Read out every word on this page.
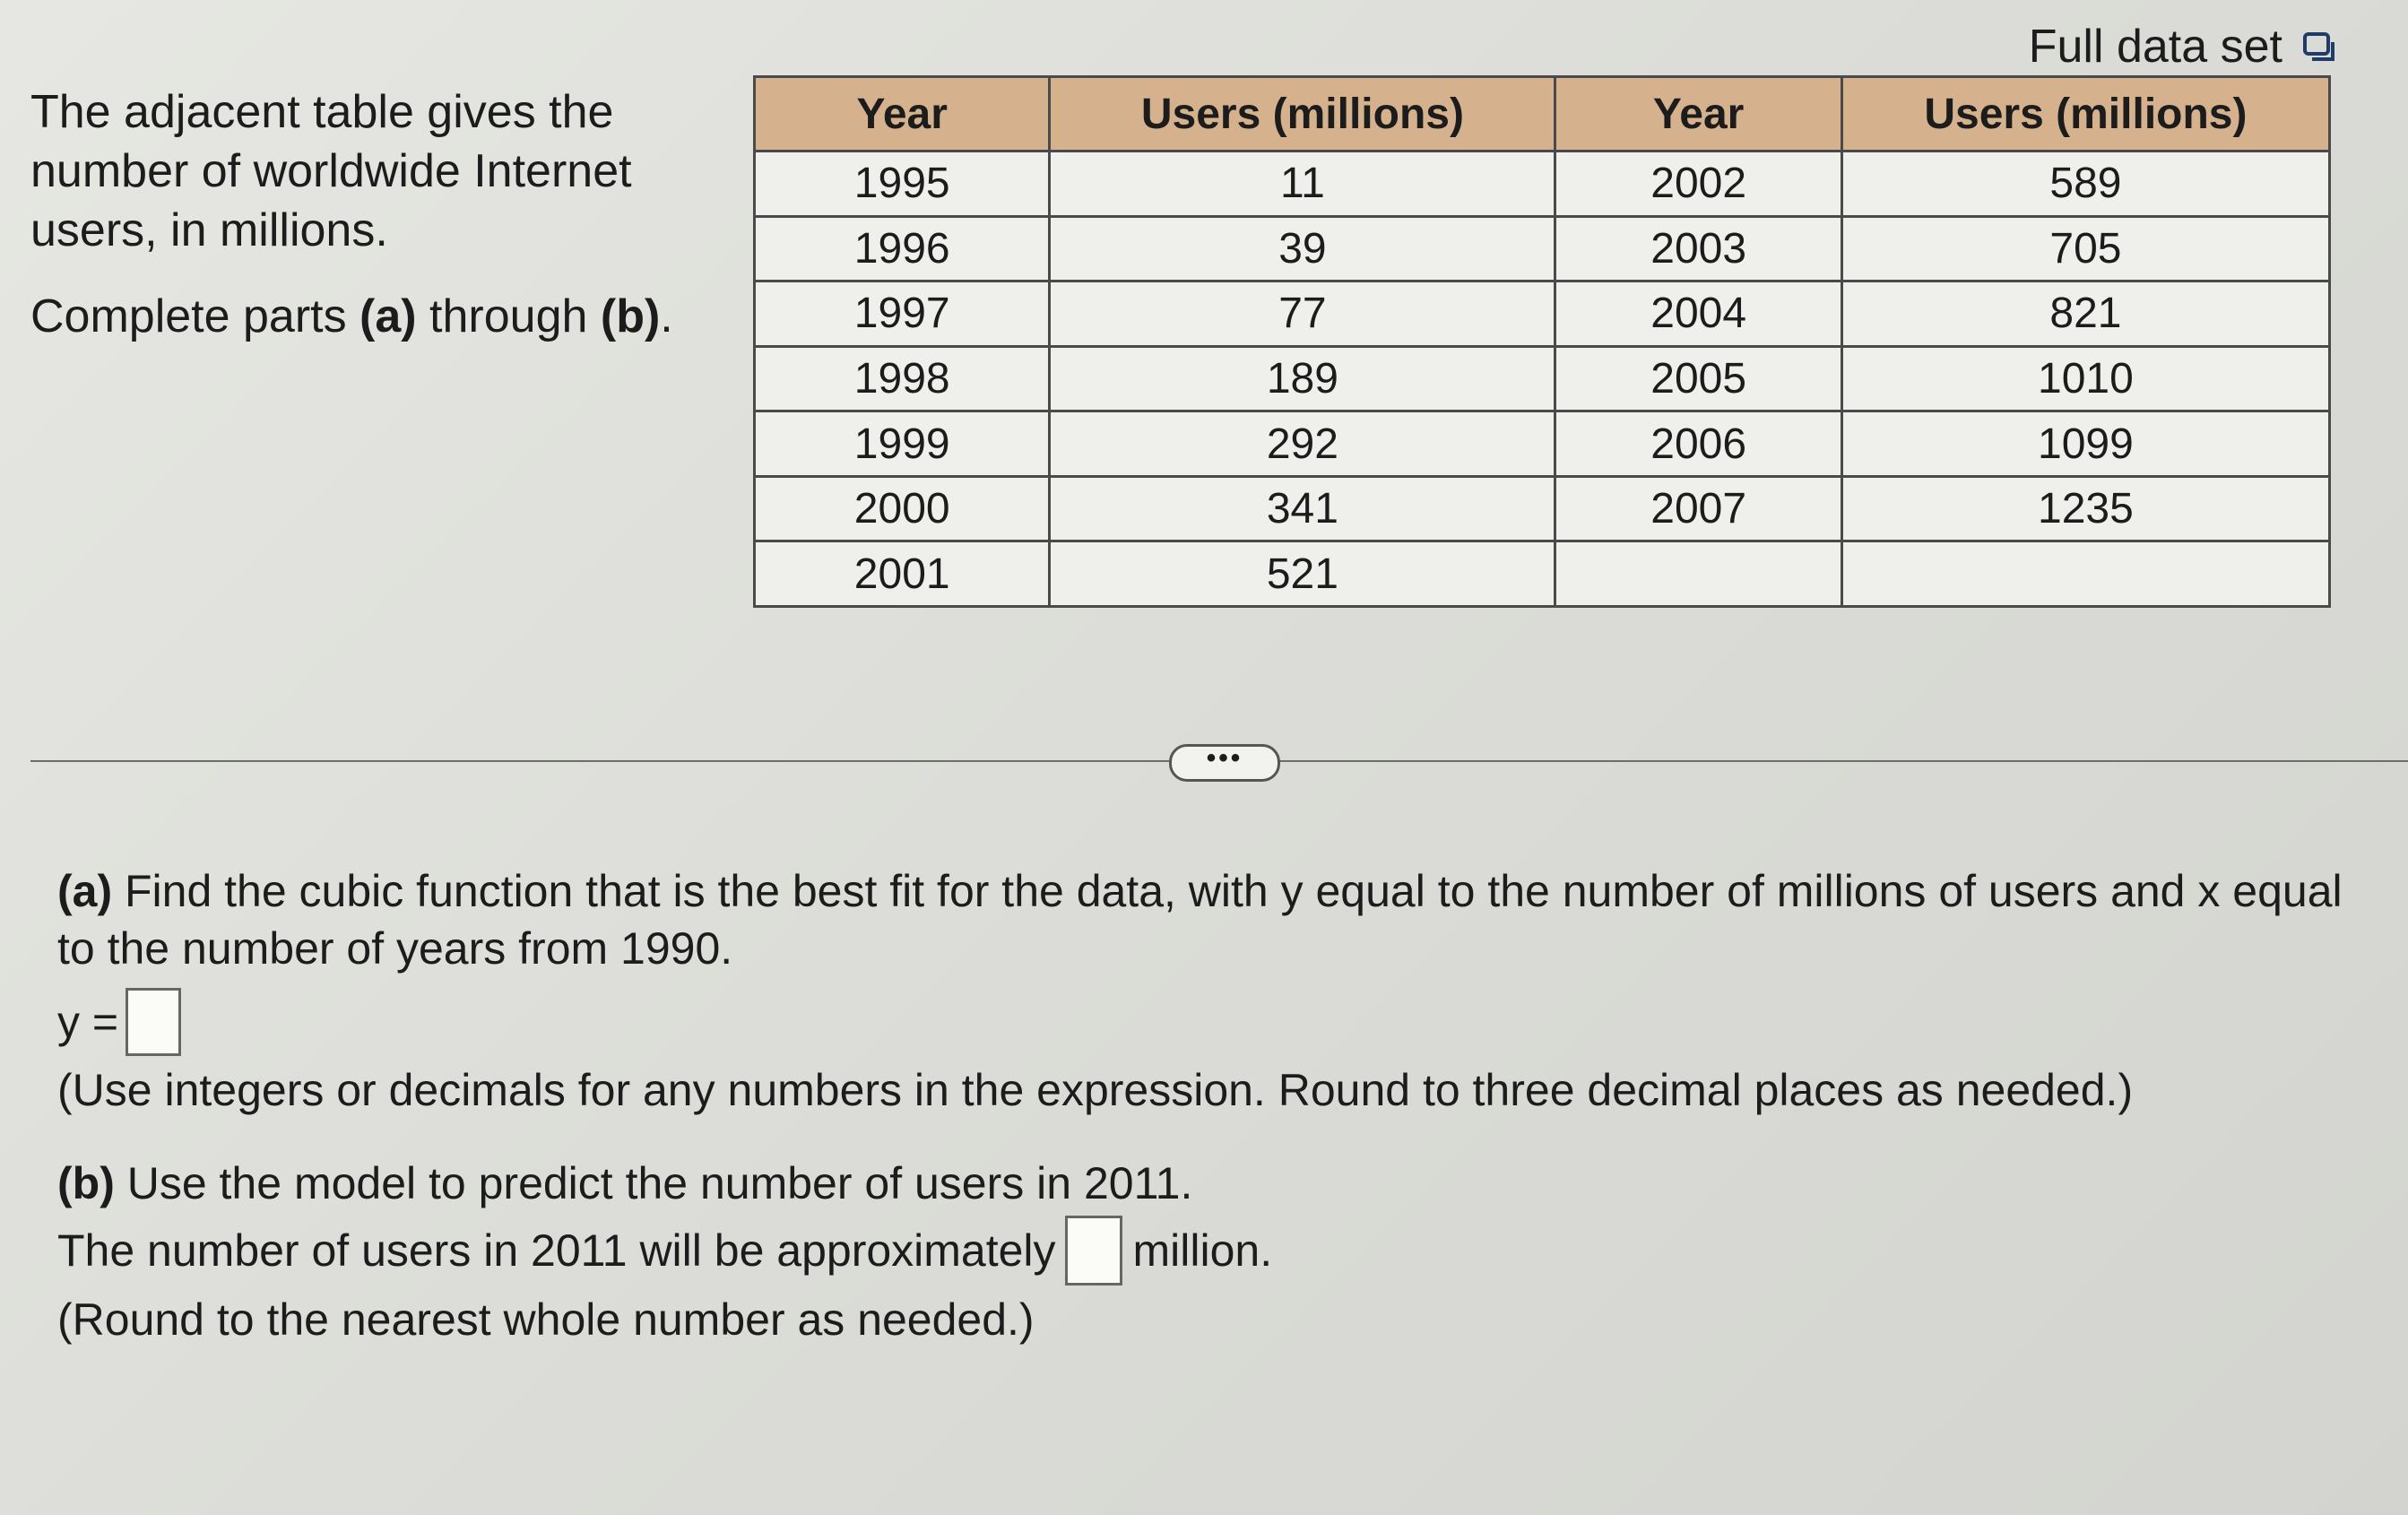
The adjacent table gives the number of worldwide Internet users, in millions.

Complete parts (a) through (b).

Full data set
Year	Users (millions)	Year	Users (millions)
1995	11	2002	589
1996	39	2003	705
1997	77	2004	821
1998	189	2005	1010
1999	292	2006	1099
2000	341	2007	1235
2001	521		
•••

(a) Find the cubic function that is the best fit for the data, with y equal to the number of millions of users and x equal to the number of years from 1990.

y =

(Use integers or decimals for any numbers in the expression. Round to three decimal places as needed.)

(b) Use the model to predict the number of users in 2011.

The number of users in 2011 will be approximately million.

(Round to the nearest whole number as needed.)
